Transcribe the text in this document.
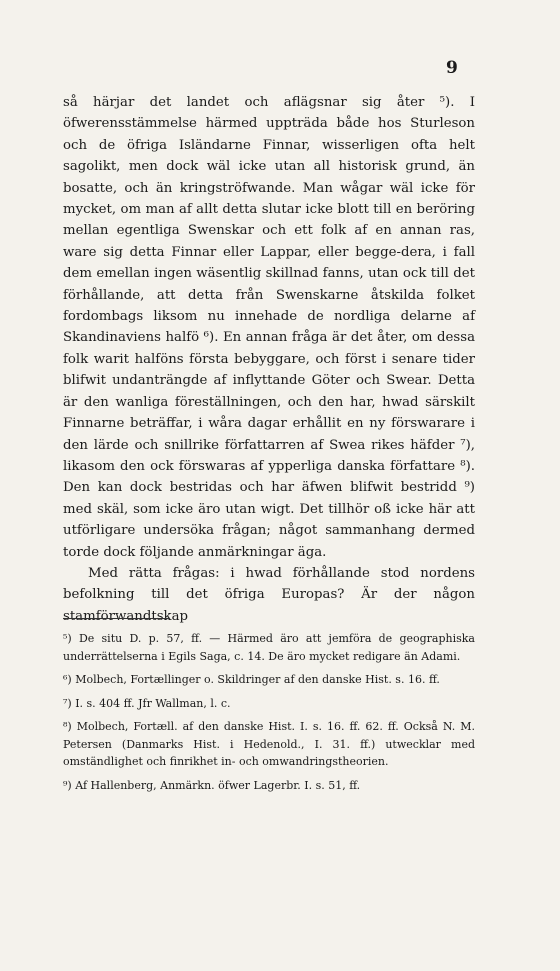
9

så härjar det landet och aflägsnar sig åter ⁵). I öfwerensstämmelse härmed uppträda både hos Sturleson och de öfriga Isländarne Finnar, wisserligen ofta helt sagolikt, men dock wäl icke utan all historisk grund, än bosatte, och än kringströfwande. Man wågar wäl icke för mycket, om man af allt detta slutar icke blott till en beröring mellan egentliga Swenskar och ett folk af en annan ras, ware sig detta Finnar eller Lappar, eller begge-dera, i fall dem emellan ingen wäsentlig skillnad fanns, utan ock till det förhållande, att detta från Swenskarne åtskilda folket fordombags liksom nu innehade de nordliga delarne af Skandinaviens halfö ⁶). En annan fråga är det åter, om dessa folk warit halföns första bebyggare, och först i senare tider blifwit undanträngde af inflyttande Göter och Swear. Detta är den wanliga föreställningen, och den har, hwad särskilt Finnarne beträffar, i wåra dagar erhållit en ny förswarare i den lärde och snillrike författarren af Swea rikes häfder ⁷), likasom den ock förswaras af ypperliga danska författare ⁸). Den kan dock bestridas och har äfwen blifwit bestridd ⁹) med skäl, som icke äro utan wigt. Det tillhör oß icke här att utförligare undersöka frågan; något sammanhang dermed torde dock följande anmärkningar äga.

Med rätta frågas: i hwad förhållande stod nordens befolkning till det öfriga Europas? Är der någon stamförwandtskap

⁵) De situ D. p. 57, ff. — Härmed äro att jemföra de geographiska underrättelserna i Egils Saga, c. 14. De äro mycket redigare än Adami.
⁶) Molbech, Fortællinger o. Skildringer af den danske Hist. s. 16. ff.
⁷) I. s. 404 ff. Jfr Wallman, l. c.
⁸) Molbech, Fortæll. af den danske Hist. I. s. 16. ff. 62. ff. Också N. M. Petersen (Danmarks Hist. i Hedenold., I. 31. ff.) utwecklar med omständlighet och finrikhet in- och omwandringstheorien.
⁹) Af Hallenberg, Anmärkn. öfwer Lagerbr. I. s. 51, ff.
